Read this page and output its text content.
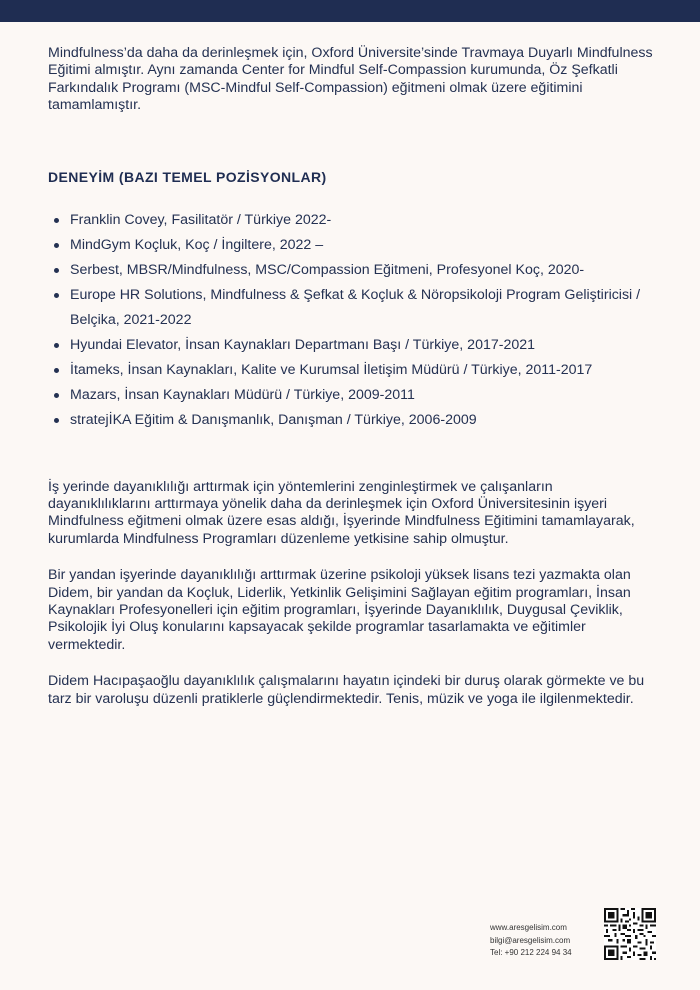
Mindfulness’da daha da derinleşmek için, Oxford Üniversite’sinde Travmaya Duyarlı Mindfulness Eğitimi almıştır. Aynı zamanda Center for Mindful Self-Compassion kurumunda, Öz Şefkatli Farkındalık Programı (MSC-Mindful Self-Compassion) eğitmeni olmak üzere eğitimini tamamlamıştır.

DENEYİM (BAZI TEMEL POZİSYONLAR)
Franklin Covey, Fasilitatör / Türkiye 2022-
MindGym Koçluk, Koç / İngiltere, 2022 –
Serbest, MBSR/Mindfulness, MSC/Compassion Eğitmeni, Profesyonel Koç, 2020-
Europe HR Solutions, Mindfulness & Şefkat & Koçluk & Nöropsikoloji Program Geliştiricisi / Belçika, 2021-2022
Hyundai Elevator, İnsan Kaynakları Departmanı Başı / Türkiye, 2017-2021
İtameks, İnsan Kaynakları, Kalite ve Kurumsal İletişim Müdürü / Türkiye, 2011-2017
Mazars, İnsan Kaynakları Müdürü / Türkiye, 2009-2011
stratejİKA Eğitim & Danışmanlık, Danışman / Türkiye, 2006-2009

İş yerinde dayanıklılığı arttırmak için yöntemlerini zenginleştirmek ve çalışanların dayanıklılıklarını arttırmaya yönelik daha da derinleşmek için Oxford Üniversitesinin işyeri Mindfulness eğitmeni olmak üzere esas aldığı, İşyerinde Mindfulness Eğitimini tamamlayarak, kurumlarda Mindfulness Programları düzenleme yetkisine sahip olmuştur.

Bir yandan işyerinde dayanıklılığı arttırmak üzerine psikoloji yüksek lisans tezi yazmakta olan Didem, bir yandan da Koçluk, Liderlik, Yetkinlik Gelişimini Sağlayan eğitim programları, İnsan Kaynakları Profesyonelleri için eğitim programları, İşyerinde Dayanıklılık, Duygusal Çeviklik, Psikolojik İyi Oluş konularını kapsayacak şekilde programlar tasarlamakta ve eğitimler vermektedir.

Didem Hacıpaşaoğlu dayanıklılık çalışmalarını hayatın içindeki bir duruş olarak görmekte ve bu tarz bir varoluşu düzenli pratiklerle güçlendirmektedir. Tenis, müzik ve yoga ile ilgilenmektedir.

www.aresgelisim.com
bilgi@aresgelisim.com
Tel: +90 212 224 94 34
